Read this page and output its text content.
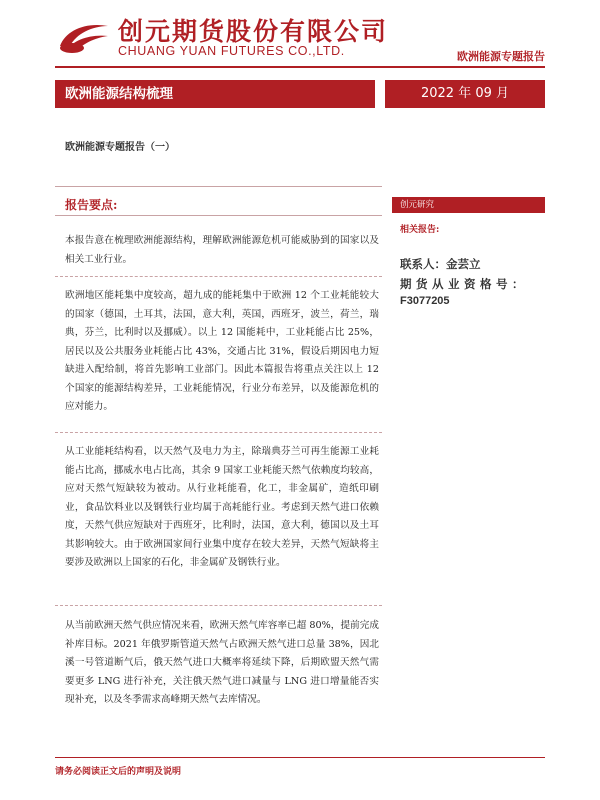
创元期货股份有限公司
CHUANG YUAN FUTURES CO.,LTD.	欧洲能源专题报告
欧洲能源结构梳理	2022 年 09 月
欧洲能源专题报告（一）
报告要点:

本报告意在梳理欧洲能源结构，理解欧洲能源危机可能威胁到的国家以及相关工业行业。

欧洲地区能耗集中度较高，超九成的能耗集中于欧洲 12 个工业耗能较大的国家（德国，土耳其，法国，意大利，英国，西班牙，波兰，荷兰，瑞典，芬兰，比利时以及挪威）。以上 12 国能耗中，工业耗能占比 25%，居民以及公共服务业耗能占比 43%，交通占比 31%，假设后期因电力短缺进入配给制，将首先影响工业部门。因此本篇报告将重点关注以上 12 个国家的能源结构差异，工业耗能情况，行业分布差异，以及能源危机的应对能力。

从工业能耗结构看，以天然气及电力为主，除瑞典芬兰可再生能源工业耗能占比高，挪威水电占比高，其余 9 国家工业耗能天然气依赖度均较高，应对天然气短缺较为被动。从行业耗能看，化工，非金属矿，造纸印刷业，食品饮料业以及钢铁行业均属于高耗能行业。考虑到天然气进口依赖度，天然气供应短缺对于西班牙，比利时，法国，意大利，德国以及土耳其影响较大。由于欧洲国家间行业集中度存在较大差异，天然气短缺将主要涉及欧洲以上国家的石化，非金属矿及钢铁行业。

从当前欧洲天然气供应情况来看，欧洲天然气库容率已超 80%，提前完成补库目标。2021 年俄罗斯管道天然气占欧洲天然气进口总量 38%，因北溪一号管道断气后，俄天然气进口大概率将延续下降，后期欧盟天然气需要更多 LNG 进行补充，关注俄天然气进口减量与 LNG 进口增量能否实现补充，以及冬季需求高峰期天然气去库情况。

创元研究
相关报告:
联系人：金芸立
期货从业资格号：
F3077205
请务必阅读正文后的声明及说明
